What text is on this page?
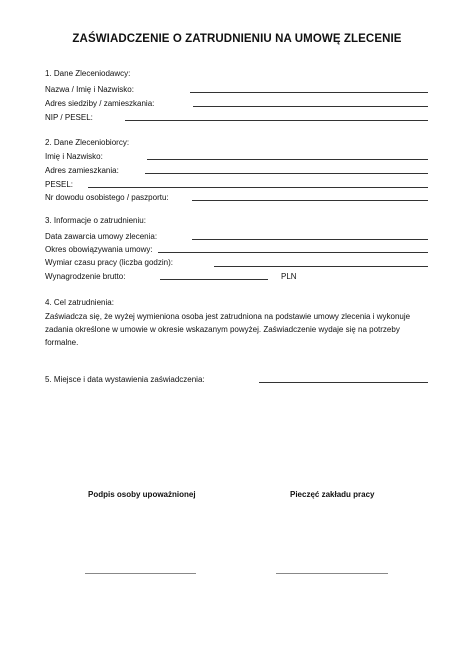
ZAŚWIADCZENIE O ZATRUDNIENIU NA UMOWĘ ZLECENIE
1. Dane Zleceniodawcy:
Nazwa / Imię i Nazwisko:
Adres siedziby / zamieszkania:
NIP / PESEL:
2. Dane Zleceniobiorcy:
Imię i Nazwisko:
Adres zamieszkania:
PESEL:
Nr dowodu osobistego / paszportu:
3. Informacje o zatrudnieniu:
Data zawarcia umowy zlecenia:
Okres obowiązywania umowy:
Wymiar czasu pracy (liczba godzin):
Wynagrodzenie brutto:	PLN
4. Cel zatrudnienia:
Zaświadcza się, że wyżej wymieniona osoba jest zatrudniona na podstawie umowy zlecenia i wykonuje zadania określone w umowie w okresie wskazanym powyżej. Zaświadczenie wydaje się na potrzeby formalne.
5. Miejsce i data wystawienia zaświadczenia:
Podpis osoby upoważnionej	Pieczęć zakładu pracy
